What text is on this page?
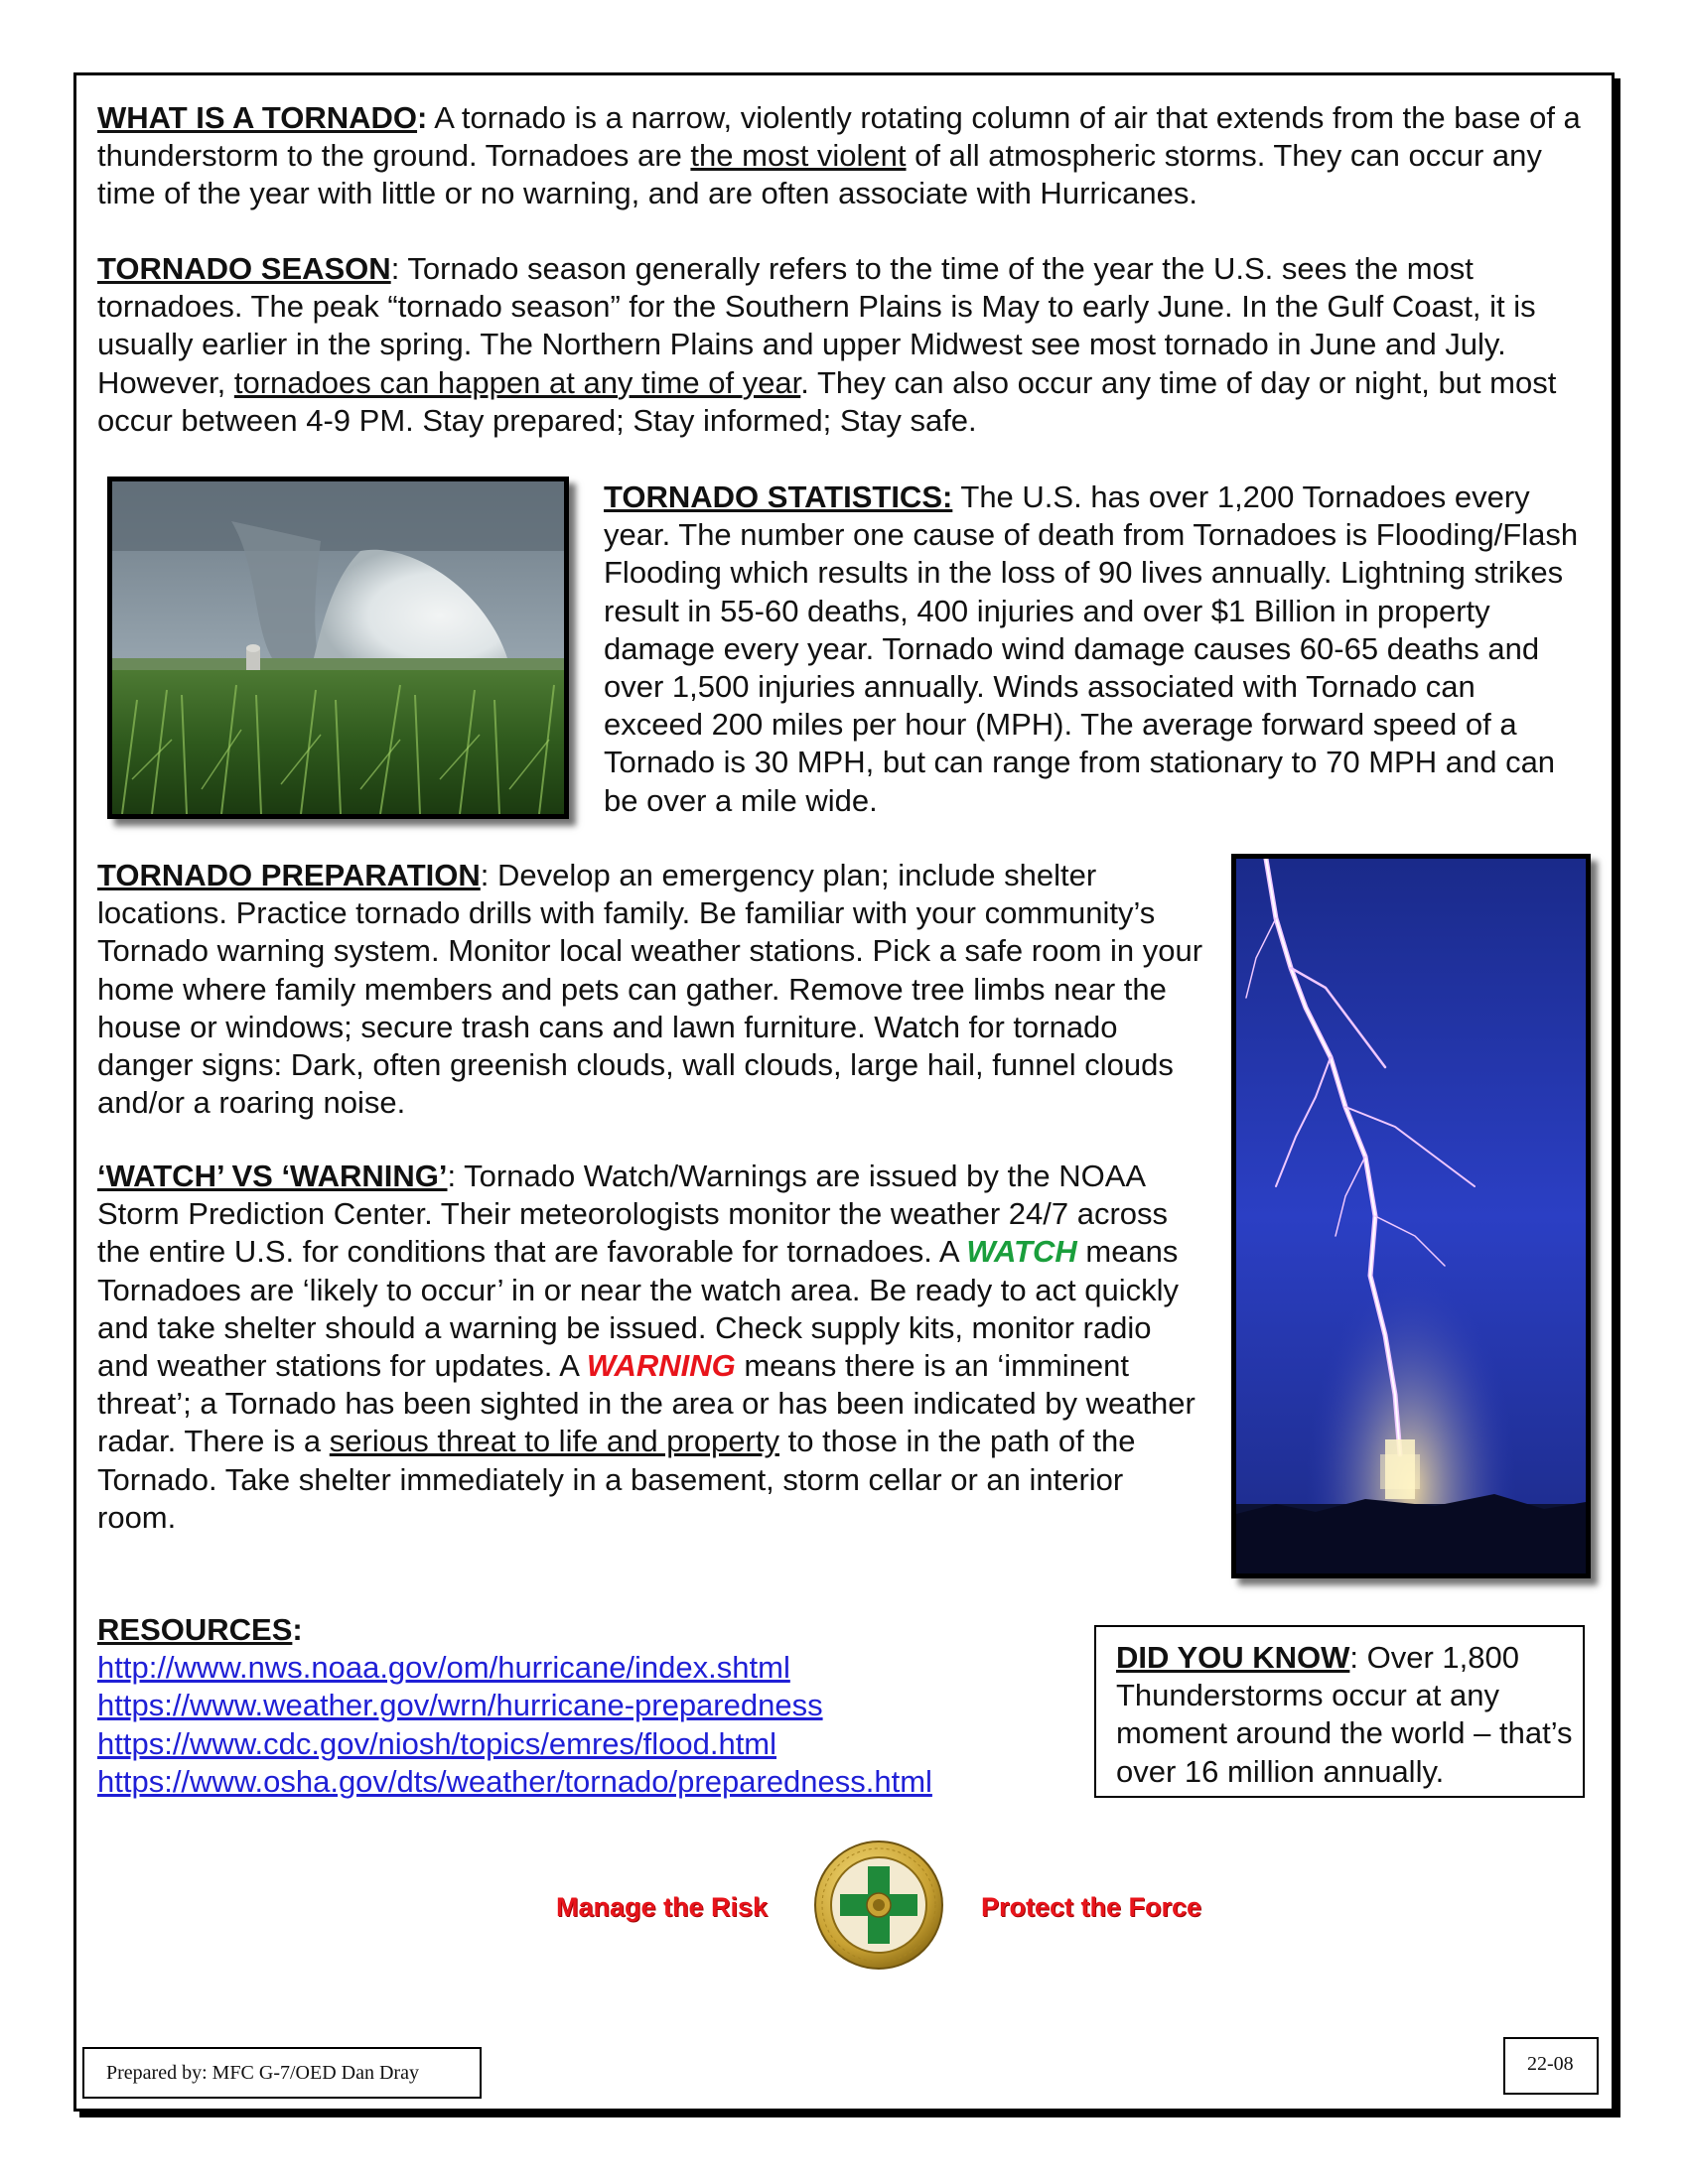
WHAT IS A TORNADO: A tornado is a narrow, violently rotating column of air that extends from the base of a thunderstorm to the ground. Tornadoes are the most violent of all atmospheric storms. They can occur any time of the year with little or no warning, and are often associate with Hurricanes.

TORNADO SEASON: Tornado season generally refers to the time of the year the U.S. sees the most tornadoes. The peak “tornado season” for the Southern Plains is May to early June. In the Gulf Coast, it is usually earlier in the spring. The Northern Plains and upper Midwest see most tornado in June and July. However, tornadoes can happen at any time of year. They can also occur any time of day or night, but most occur between 4-9 PM. Stay prepared; Stay informed; Stay safe.

TORNADO STATISTICS: The U.S. has over 1,200 Tornadoes every year. The number one cause of death from Tornadoes is Flooding/Flash Flooding which results in the loss of 90 lives annually. Lightning strikes result in 55-60 deaths, 400 injuries and over $1 Billion in property damage every year. Tornado wind damage causes 60-65 deaths and over 1,500 injuries annually. Winds associated with Tornado can exceed 200 miles per hour (MPH). The average forward speed of a Tornado is 30 MPH, but can range from stationary to 70 MPH and can be over a mile wide.

TORNADO PREPARATION: Develop an emergency plan; include shelter locations. Practice tornado drills with family. Be familiar with your community’s Tornado warning system. Monitor local weather stations. Pick a safe room in your home where family members and pets can gather. Remove tree limbs near the house or windows; secure trash cans and lawn furniture. Watch for tornado danger signs: Dark, often greenish clouds, wall clouds, large hail, funnel clouds and/or a roaring noise.

‘WATCH’ VS ‘WARNING’: Tornado Watch/Warnings are issued by the NOAA Storm Prediction Center. Their meteorologists monitor the weather 24/7 across the entire U.S. for conditions that are favorable for tornadoes. A WATCH means Tornadoes are ‘likely to occur’ in or near the watch area. Be ready to act quickly and take shelter should a warning be issued. Check supply kits, monitor radio and weather stations for updates. A WARNING means there is an ‘imminent threat’; a Tornado has been sighted in the area or has been indicated by weather radar. There is a serious threat to life and property to those in the path of the Tornado. Take shelter immediately in a basement, storm cellar or an interior room.

RESOURCES:
http://www.nws.noaa.gov/om/hurricane/index.shtml
https://www.weather.gov/wrn/hurricane-preparedness
https://www.cdc.gov/niosh/topics/emres/flood.html
https://www.osha.gov/dts/weather/tornado/preparedness.html

DID YOU KNOW: Over 1,800 Thunderstorms occur at any moment around the world – that’s over 16 million annually.

Manage the Risk	Protect the Force
Prepared by: MFC G-7/OED Dan Dray	22-08
